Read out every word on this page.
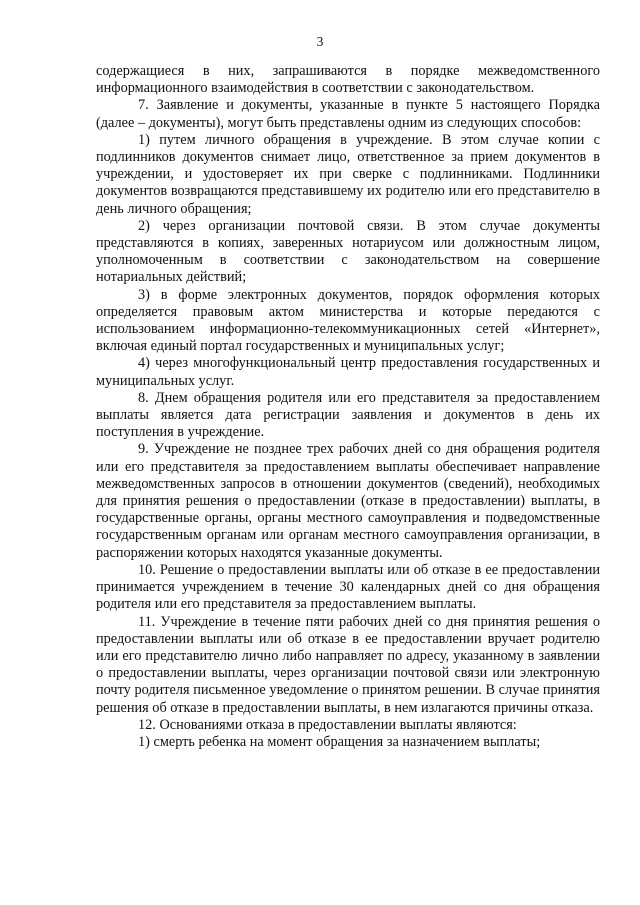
3

содержащиеся в них, запрашиваются в порядке межведомственного информационного взаимодействия в соответствии с законодательством.

7. Заявление и документы, указанные в пункте 5 настоящего Порядка (далее – документы), могут быть представлены одним из следующих способов:

1) путем личного обращения в учреждение. В этом случае копии с подлинников документов снимает лицо, ответственное за прием документов в учреждении, и удостоверяет их при сверке с подлинниками. Подлинники документов возвращаются представившему их родителю или его представителю в день личного обращения;

2) через организации почтовой связи. В этом случае документы представляются в копиях, заверенных нотариусом или должностным лицом, уполномоченным в соответствии с законодательством на совершение нотариальных действий;

3) в форме электронных документов, порядок оформления которых определяется правовым актом министерства и которые передаются с использованием информационно-телекоммуникационных сетей «Интернет», включая единый портал государственных и муниципальных услуг;

4) через многофункциональный центр предоставления государственных и муниципальных услуг.

8. Днем обращения родителя или его представителя за предоставлением выплаты является дата регистрации заявления и документов в день их поступления в учреждение.

9. Учреждение не позднее трех рабочих дней со дня обращения родителя или его представителя за предоставлением выплаты обеспечивает направление межведомственных запросов в отношении документов (сведений), необходимых для принятия решения о предоставлении (отказе в предоставлении) выплаты, в государственные органы, органы местного самоуправления и подведомственные государственным органам или органам местного самоуправления организации, в распоряжении которых находятся указанные документы.

10. Решение о предоставлении выплаты или об отказе в ее предоставлении принимается учреждением в течение 30 календарных дней со дня обращения родителя или его представителя за предоставлением выплаты.

11. Учреждение в течение пяти рабочих дней со дня принятия решения о предоставлении выплаты или об отказе в ее предоставлении вручает родителю или его представителю лично либо направляет по адресу, указанному в заявлении о предоставлении выплаты, через организации почтовой связи или электронную почту родителя письменное уведомление о принятом решении. В случае принятия решения об отказе в предоставлении выплаты, в нем излагаются причины отказа.

12. Основаниями отказа в предоставлении выплаты являются:

1) смерть ребенка на момент обращения за назначением выплаты;
